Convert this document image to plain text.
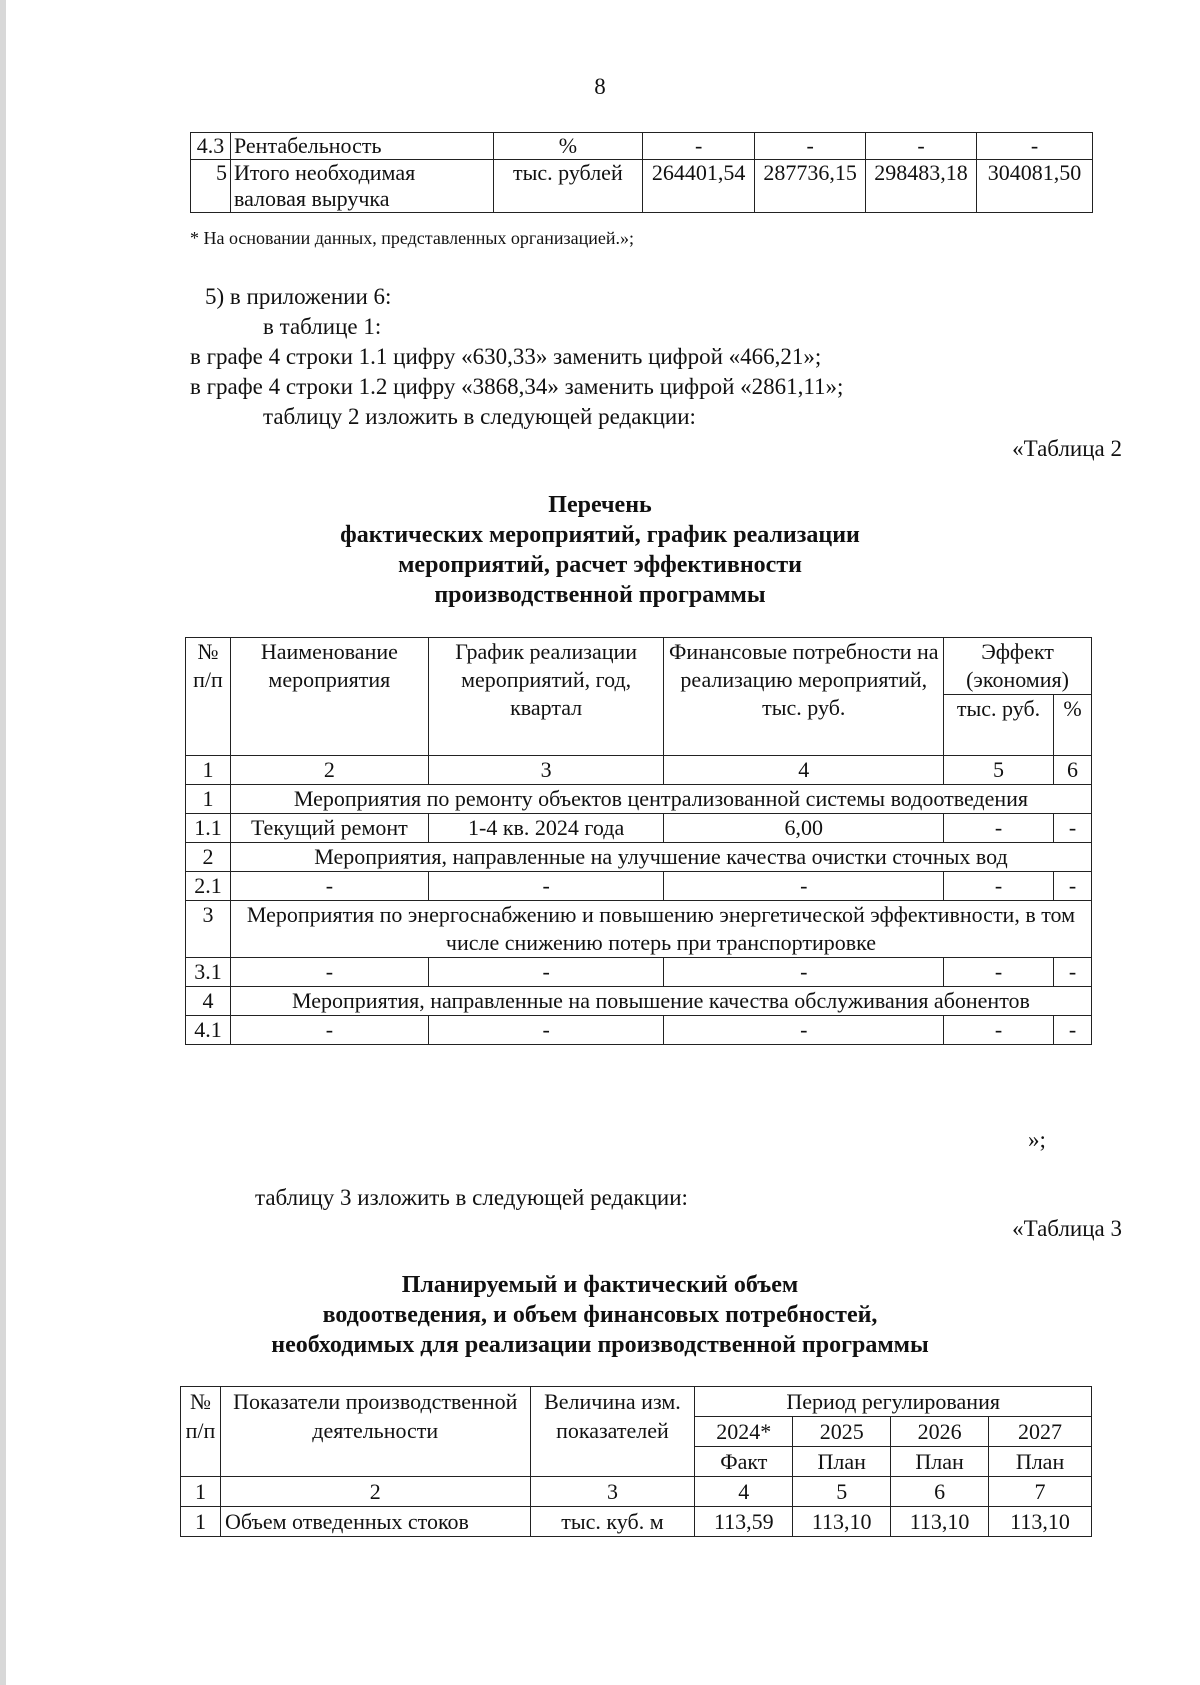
8
4.3	Рентабельность	%	-	-	-	-
5	Итого необходимая валовая выручка	тыс. рублей	264401,54	287736,15	298483,18	304081,50
* На основании данных, представленных организацией.»;
5) в приложении 6:
в таблице 1:
в графе 4 строки 1.1 цифру «630,33» заменить цифрой «466,21»;
в графе 4 строки 1.2 цифру «3868,34» заменить цифрой «2861,11»;
таблицу 2 изложить в следующей редакции:
«Таблица 2
Перечень
фактических мероприятий, график реализации
мероприятий, расчет эффективности
производственной программы
№ п/п	Наименование мероприятия	График реализации мероприятий, год, квартал	Финансовые потребности на реализацию мероприятий, тыс. руб.	Эффект (экономия)	
				тыс. руб.	%
1	2	3	4	5	6
1	Мероприятия по ремонту объектов централизованной системы водоотведения				
1.1	Текущий ремонт	1-4 кв. 2024 года	6,00	-	-
2	Мероприятия, направленные на улучшение качества очистки сточных вод				
2.1	-	-	-	-	-
3	Мероприятия по энергоснабжению и повышению энергетической эффективности, в том числе снижению потерь при транспортировке				
3.1	-	-	-	-	-
4	Мероприятия, направленные на повышение качества обслуживания абонентов				
4.1	-	-	-	-	-
»;
таблицу 3 изложить в следующей редакции:
«Таблица 3
Планируемый и фактический объем
водоотведения, и объем финансовых потребностей,
необходимых для реализации производственной программы
№ п/п	Показатели производственной деятельности	Величина изм. показателей	Период регулирования			
			2024*	2025	2026	2027
			Факт	План	План	План
1	2	3	4	5	6	7
1	Объем отведенных стоков	тыс. куб. м	113,59	113,10	113,10	113,10
